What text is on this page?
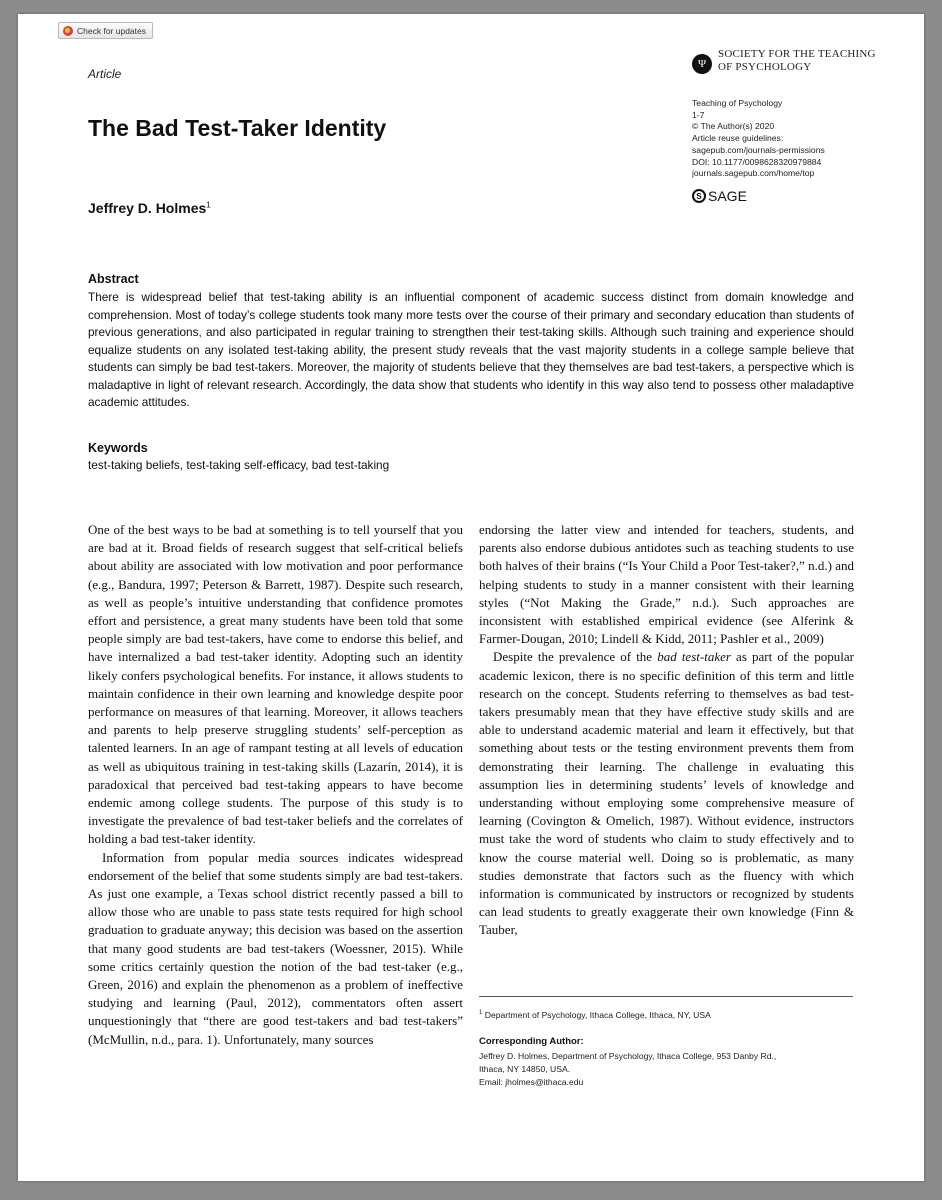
Check for updates
Article
The Bad Test-Taker Identity
Jeffrey D. Holmes$^1$
Ψ
SOCIETY FOR THE TEACHING
OF PSYCHOLOGY
Teaching of Psychology
1-7
© The Author(s) 2020
Article reuse guidelines:
sagepub.com/journals-permissions
DOI: 10.1177/0098628320979884
journals.sagepub.com/home/top
S SAGE
Abstract
There is widespread belief that test-taking ability is an influential component of academic success distinct from domain knowledge and comprehension. Most of today’s college students took many more tests over the course of their primary and secondary education than students of previous generations, and also participated in regular training to strengthen their test-taking skills. Although such training and experience should equalize students on any isolated test-taking ability, the present study reveals that the vast majority students in a college sample believe that students can simply be bad test-takers. Moreover, the majority of students believe that they themselves are bad test-takers, a perspective which is maladaptive in light of relevant research. Accordingly, the data show that students who identify in this way also tend to possess other maladaptive academic attitudes.
Keywords
test-taking beliefs, test-taking self-efficacy, bad test-taking

One of the best ways to be bad at something is to tell yourself that you are bad at it. Broad fields of research suggest that self-critical beliefs about ability are associated with low motivation and poor performance (e.g., Bandura, 1997; Peterson & Barrett, 1987). Despite such research, as well as people’s intuitive understanding that confidence promotes effort and persistence, a great many students have been told that some people simply are bad test-takers, have come to endorse this belief, and have internalized a bad test-taker identity. Adopting such an identity likely confers psychological benefits. For instance, it allows students to maintain confidence in their own learning and knowledge despite poor performance on measures of that learning. Moreover, it allows teachers and parents to help preserve struggling students’ self-perception as talented learners. In an age of rampant testing at all levels of education as well as ubiquitous training in test-taking skills (Lazarín, 2014), it is paradoxical that perceived bad test-taking appears to have become endemic among college students. The purpose of this study is to investigate the prevalence of bad test-taker beliefs and the correlates of holding a bad test-taker identity.

Information from popular media sources indicates widespread endorsement of the belief that some students simply are bad test-takers. As just one example, a Texas school district recently passed a bill to allow those who are unable to pass state tests required for high school graduation to graduate anyway; this decision was based on the assertion that many good students are bad test-takers (Woessner, 2015). While some critics certainly question the notion of the bad test-taker (e.g., Green, 2016) and explain the phenomenon as a problem of ineffective studying and learning (Paul, 2012), commentators often assert unquestioningly that “there are good test-takers and bad test-takers” (McMullin, n.d., para. 1). Unfortunately, many sources

endorsing the latter view and intended for teachers, students, and parents also endorse dubious antidotes such as teaching students to use both halves of their brains (“Is Your Child a Poor Test-taker?,” n.d.) and helping students to study in a manner consistent with their learning styles (“Not Making the Grade,” n.d.). Such approaches are inconsistent with established empirical evidence (see Alferink & Farmer-Dougan, 2010; Lindell & Kidd, 2011; Pashler et al., 2009)

Despite the prevalence of the bad test-taker as part of the popular academic lexicon, there is no specific definition of this term and little research on the concept. Students referring to themselves as bad test-takers presumably mean that they have effective study skills and are able to understand academic material and learn it effectively, but that something about tests or the testing environment prevents them from demonstrating their learning. The challenge in evaluating this assumption lies in determining students’ levels of knowledge and understanding without employing some comprehensive measure of learning (Covington & Omelich, 1987). Without evidence, instructors must take the word of students who claim to study effectively and to know the course material well. Doing so is problematic, as many studies demonstrate that factors such as the fluency with which information is communicated by instructors or recognized by students can lead students to greatly exaggerate their own knowledge (Finn & Tauber,

$^1$ Department of Psychology, Ithaca College, Ithaca, NY, USA
Corresponding Author:
Jeffrey D. Holmes, Department of Psychology, Ithaca College, 953 Danby Rd.,
Ithaca, NY 14850, USA.
Email: jholmes@ithaca.edu
